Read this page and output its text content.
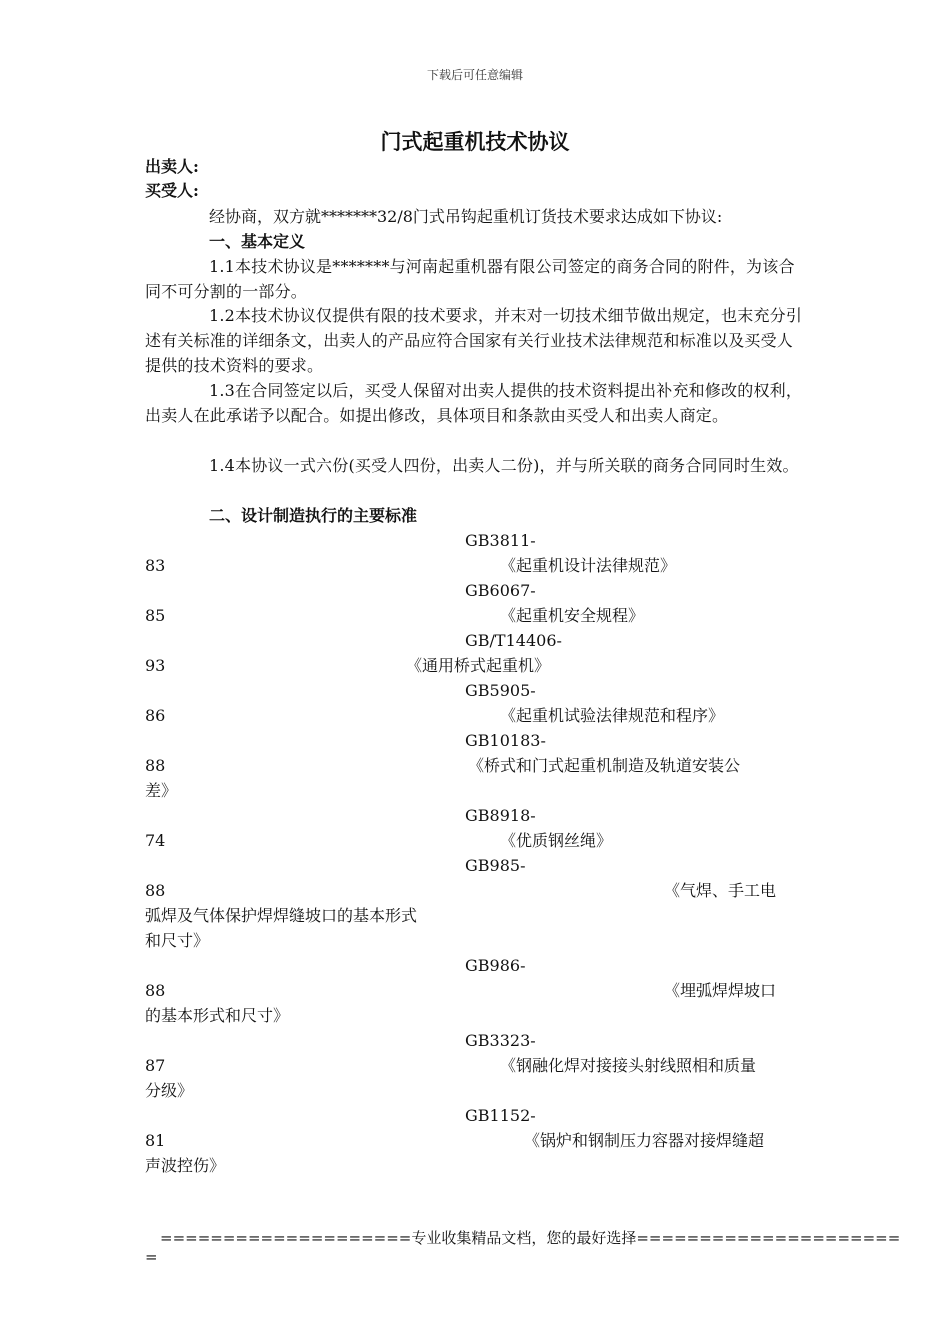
下载后可任意编辑
门式起重机技术协议
出卖人:
买受人:
经协商，双方就*******32/8门式吊钩起重机订货技术要求达成如下协议:
一、基本定义
1.1本技术协议是*******与河南起重机器有限公司签定的商务合同的附件，为该合同不可分割的一部分。
1.2本技术协议仅提供有限的技术要求，并末对一切技术细节做出规定，也末充分引述有关标准的详细条文，出卖人的产品应符合国家有关行业技术法律规范和标准以及买受人提供的技术资料的要求。
1.3在合同签定以后，买受人保留对出卖人提供的技术资料提出补充和修改的权利，出卖人在此承诺予以配合。如提出修改，具体项目和条款由买受人和出卖人商定。
1.4本协议一式六份(买受人四份，出卖人二份)，并与所关联的商务合同同时生效。
二、设计制造执行的主要标准
GB3811-
83	《起重机设计法律规范》
GB6067-
85	《起重机安全规程》
GB/T14406-
93	《通用桥式起重机》
GB5905-
86	《起重机试验法律规范和程序》
GB10183-
88	《桥式和门式起重机制造及轨道安装公
差》
GB8918-
74	《优质钢丝绳》
GB985-
88	《气焊、手工电
弧焊及气体保护焊焊缝坡口的基本形式
和尺寸》
GB986-
88	《埋弧焊焊坡口
的基本形式和尺寸》
GB3323-
87	《钢融化焊对接接头射线照相和质量
分级》
GB1152-
81	《锅炉和钢制压力容器对接焊缝超
声波控伤》
====================专业收集精品文档，您的最好选择=====================
=
